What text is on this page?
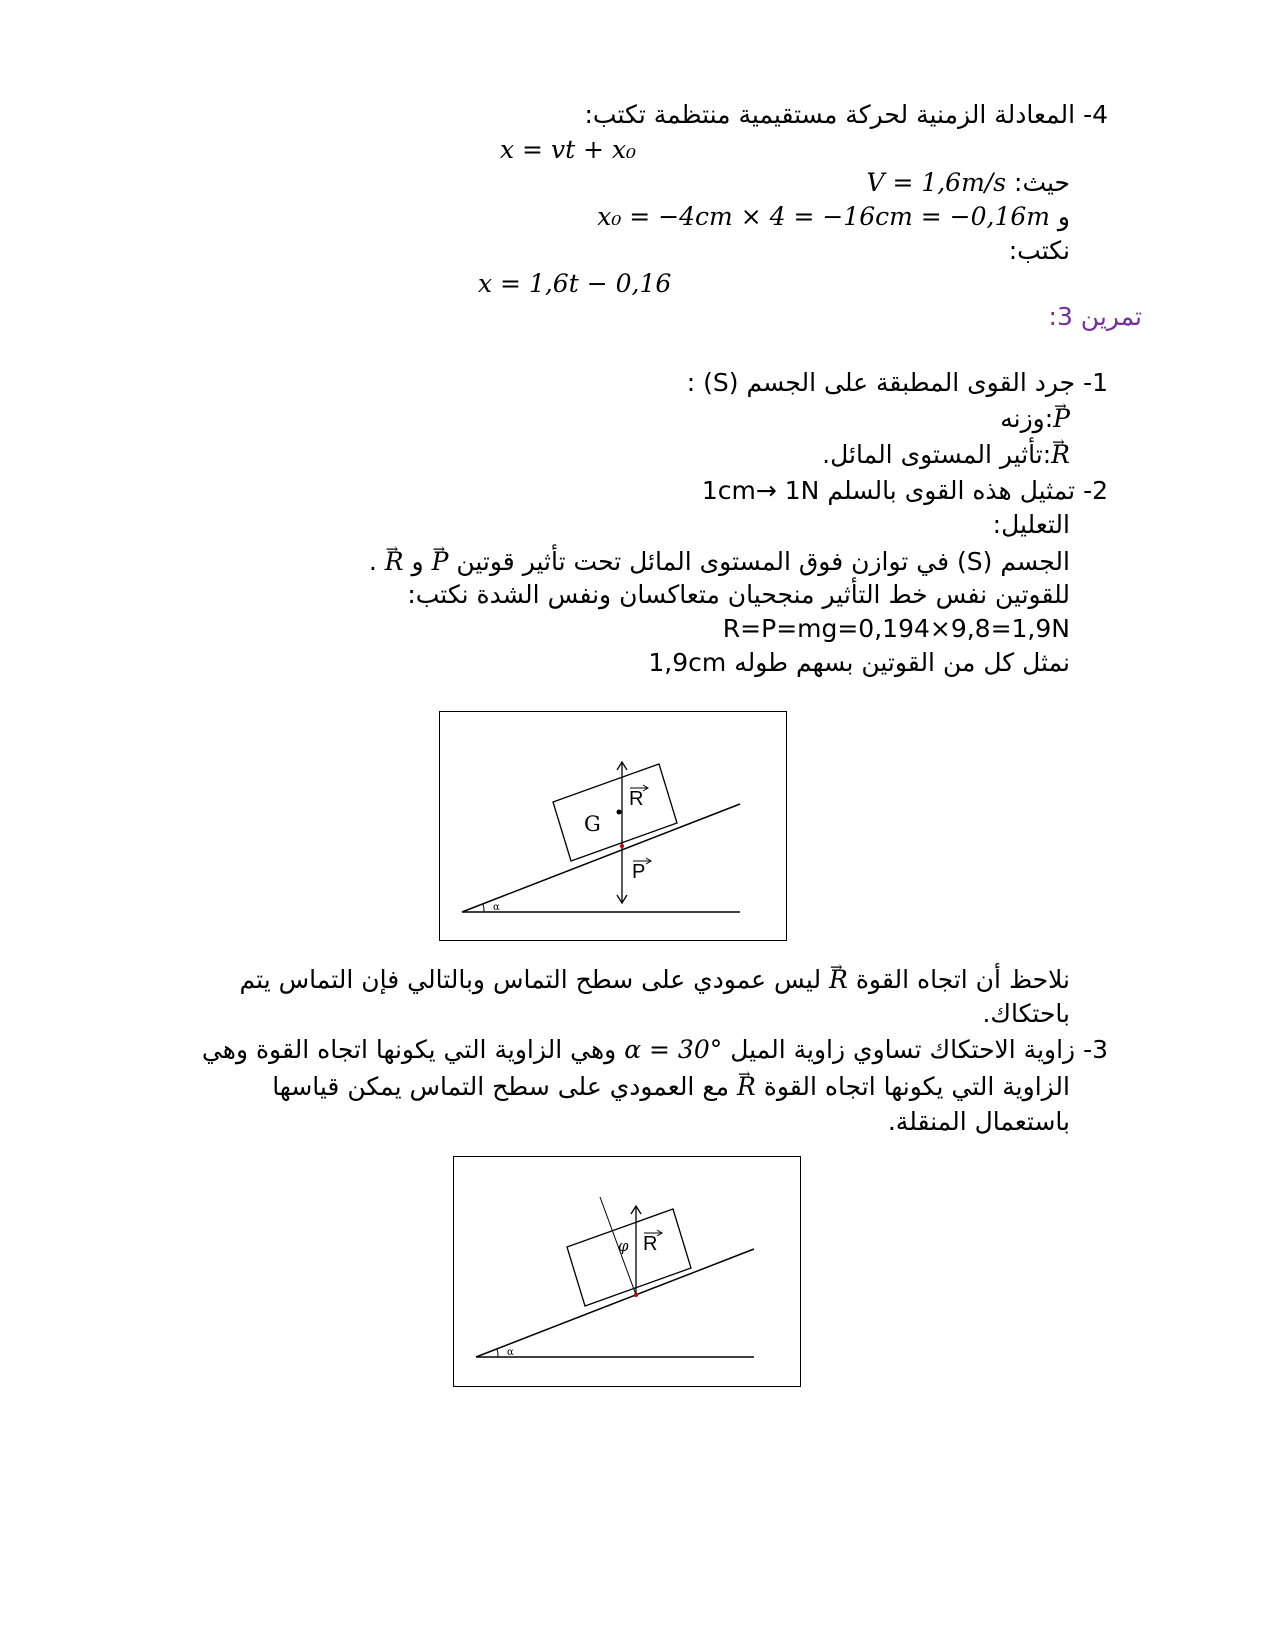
4- المعادلة الزمنية لحركة مستقيمية منتظمة تكتب:
x = vt + x₀
حيث: V = 1,6m/s
و x₀ = −4cm × 4 = −16cm = −0,16m
نكتب:
x = 1,6t − 0,16
تمرين 3:
1- جرد القوى المطبقة على الجسم (S) :
→ P:وزنه
→ R:تأثير المستوى المائل.
2- تمثيل هذه القوى بالسلم 1cm→ 1N
التعليل:
الجسم (S) في توازن فوق المستوى المائل تحت تأثير قوتين → P و → R .
للقوتين نفس خط التأثير منجحيان متعاكسان ونفس الشدة نكتب:
R=P=mg=0,194×9,8=1,9N
نمثل كل من القوتين بسهم طوله 1,9cm
α
G
R
P
نلاحظ أن اتجاه القوة → R ليس عمودي على سطح التماس وبالتالي فإن التماس يتم
باحتكاك.
3- زاوية الاحتكاك تساوي زاوية الميل α = 30° وهي الزاوية التي يكونها اتجاه القوة وهي
الزاوية التي يكونها اتجاه القوة → R مع العمودي على سطح التماس يمكن قياسها
باستعمال المنقلة.
α
φ R
